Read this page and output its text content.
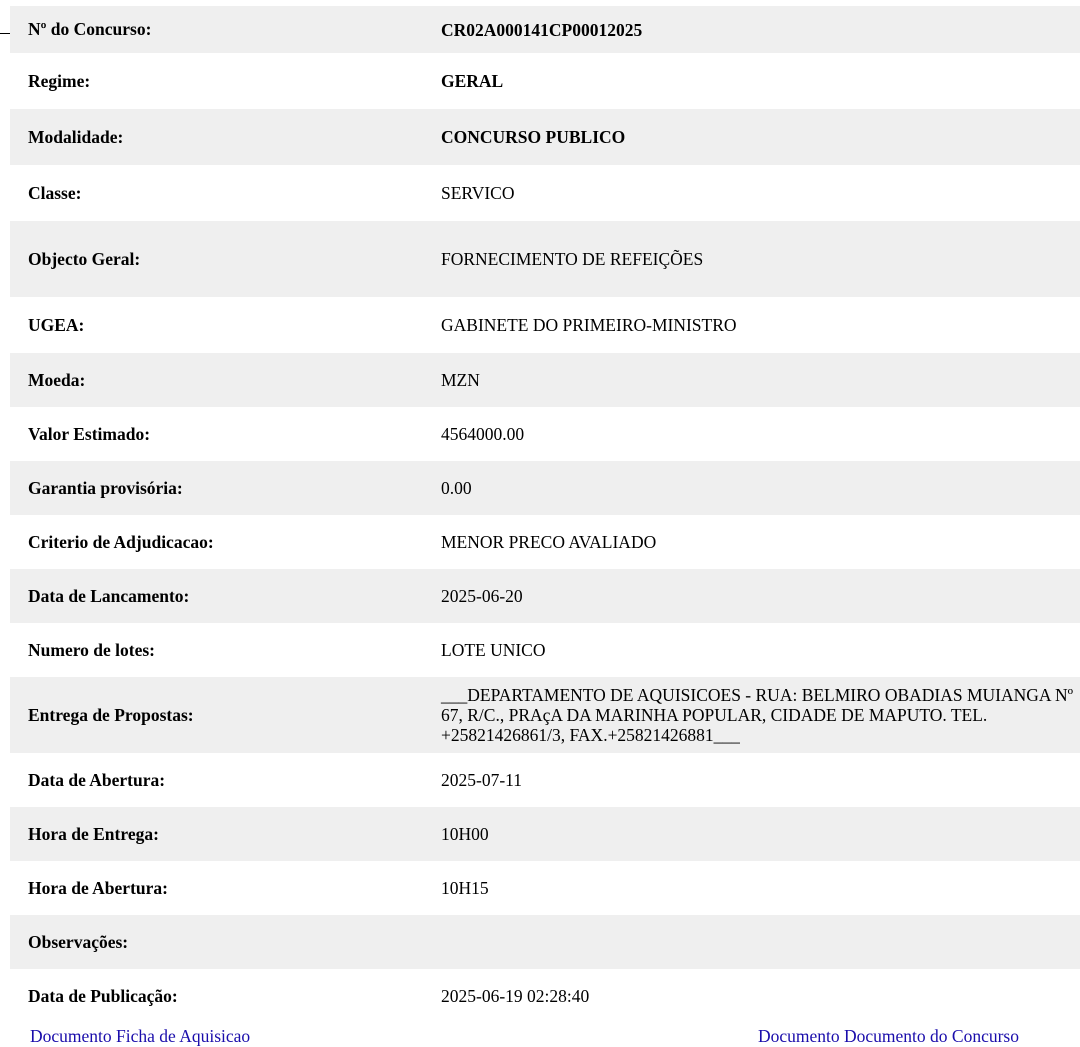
Nº do Concurso:	CR02A000141CP00012025
Regime:	GERAL
Modalidade:	CONCURSO PUBLICO
Classe:	SERVICO
Objecto Geral:	FORNECIMENTO DE REFEIÇÕES
UGEA:	GABINETE DO PRIMEIRO-MINISTRO
Moeda:	MZN
Valor Estimado:	4564000.00
Garantia provisória:	0.00
Criterio de Adjudicacao:	MENOR PRECO AVALIADO
Data de Lancamento:	2025-06-20
Numero de lotes:	LOTE UNICO
Entrega de Propostas:	___DEPARTAMENTO DE AQUISICOES - RUA: BELMIRO OBADIAS MUIANGA Nº 67, R/C., PRAçA DA MARINHA POPULAR, CIDADE DE MAPUTO. TEL. +25821426861/3, FAX.+25821426881___
Data de Abertura:	2025-07-11
Hora de Entrega:	10H00
Hora de Abertura:	10H15
Observações:	
Data de Publicação:	2025-06-19 02:28:40
Documento Ficha de Aquisicao	Documento Documento do Concurso
